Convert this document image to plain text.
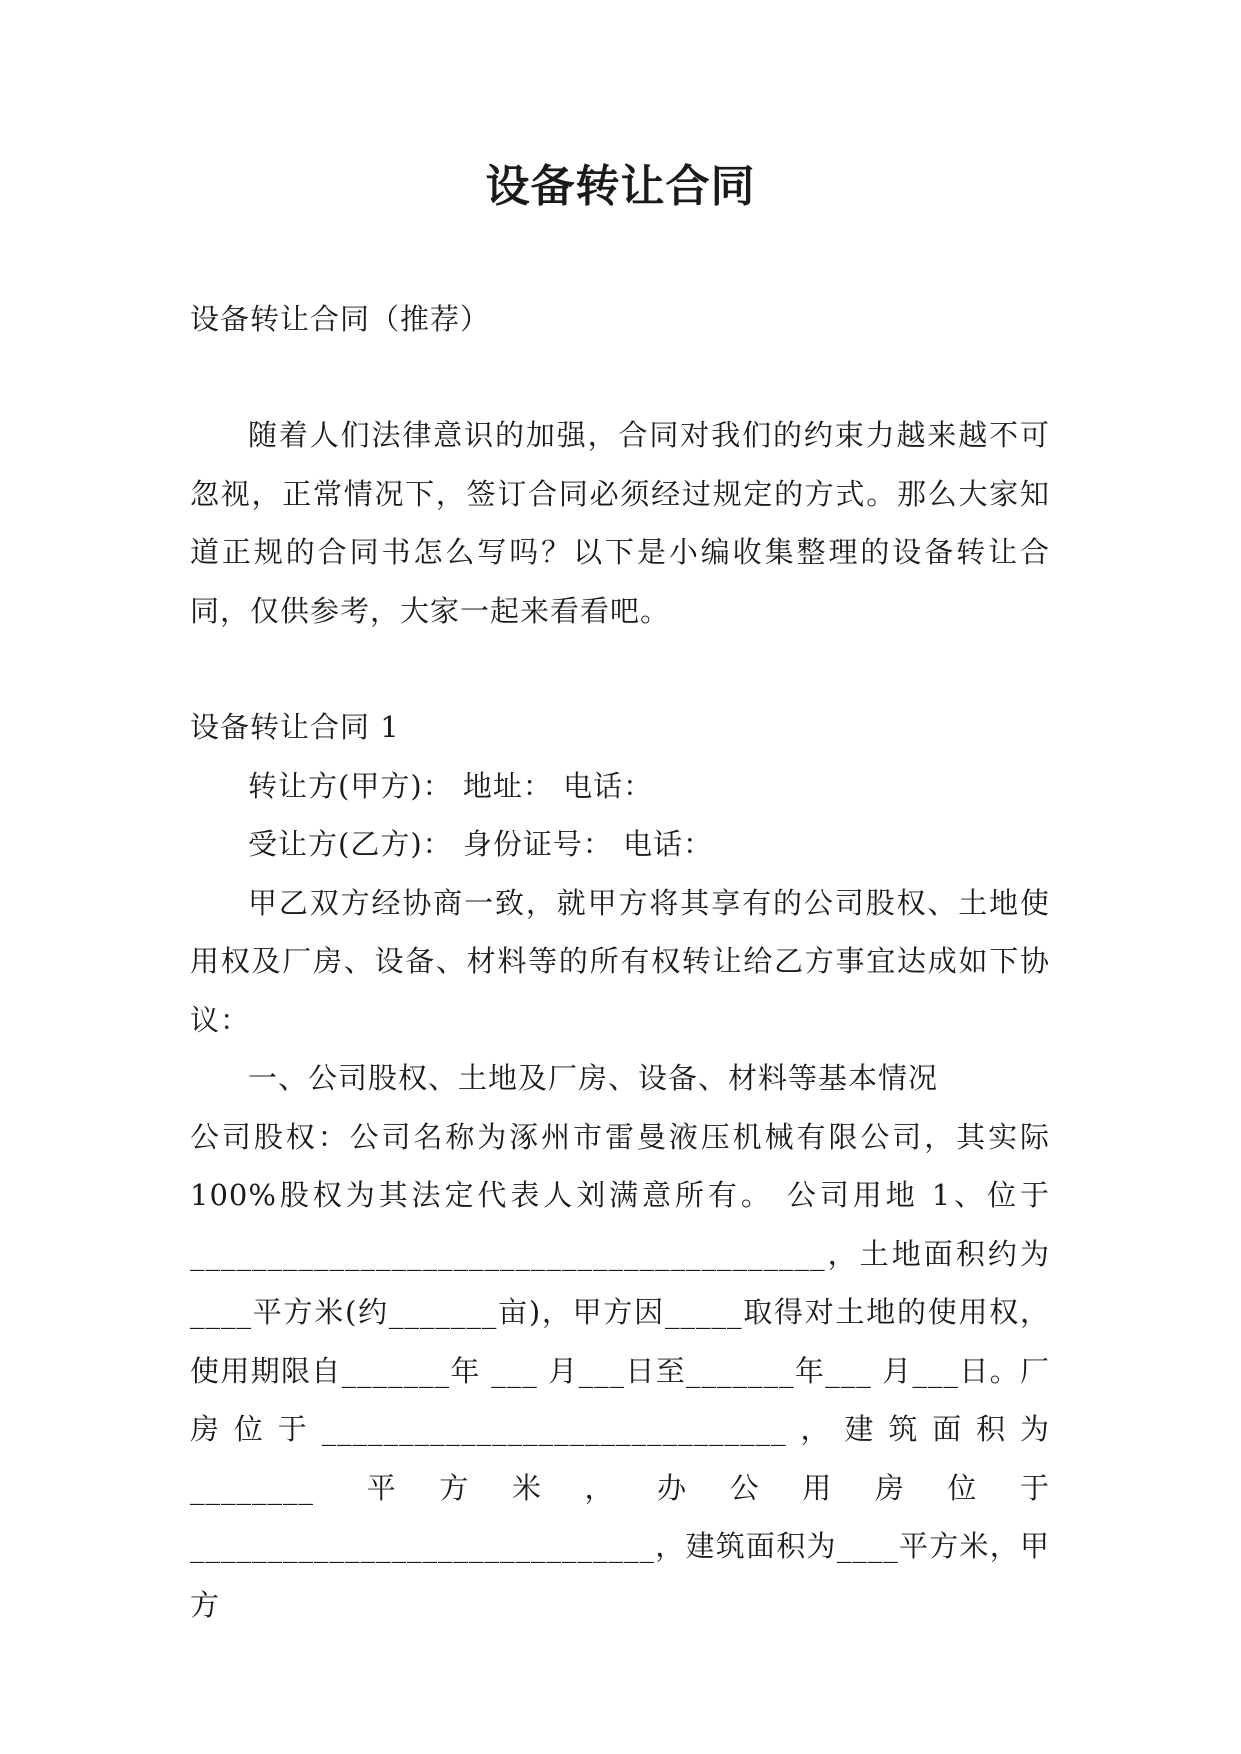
设备转让合同

设备转让合同（推荐）

随着人们法律意识的加强，合同对我们的约束力越来越不可忽视，正常情况下，签订合同必须经过规定的方式。那么大家知道正规的合同书怎么写吗？以下是小编收集整理的设备转让合同，仅供参考，大家一起来看看吧。

设备转让合同 1

转让方(甲方)： 地址： 电话：

受让方(乙方)： 身份证号： 电话：

甲乙双方经协商一致，就甲方将其享有的公司股权、土地使用权及厂房、设备、材料等的所有权转让给乙方事宜达成如下协议：

一、公司股权、土地及厂房、设备、材料等基本情况

公司股权：公司名称为涿州市雷曼液压机械有限公司，其实际 100%股权为其法定代表人刘满意所有。 公司用地 1、位于_________________________________________，土地面积约为____平方米(约_______亩)，甲方因_____取得对土地的使用权，使用期限自_______年 ___ 月___日至_______年___ 月___日。厂房位于______________________________，建筑面积为 ________ 平方米，办公用房位于______________________________，建筑面积为____平方米，甲方
